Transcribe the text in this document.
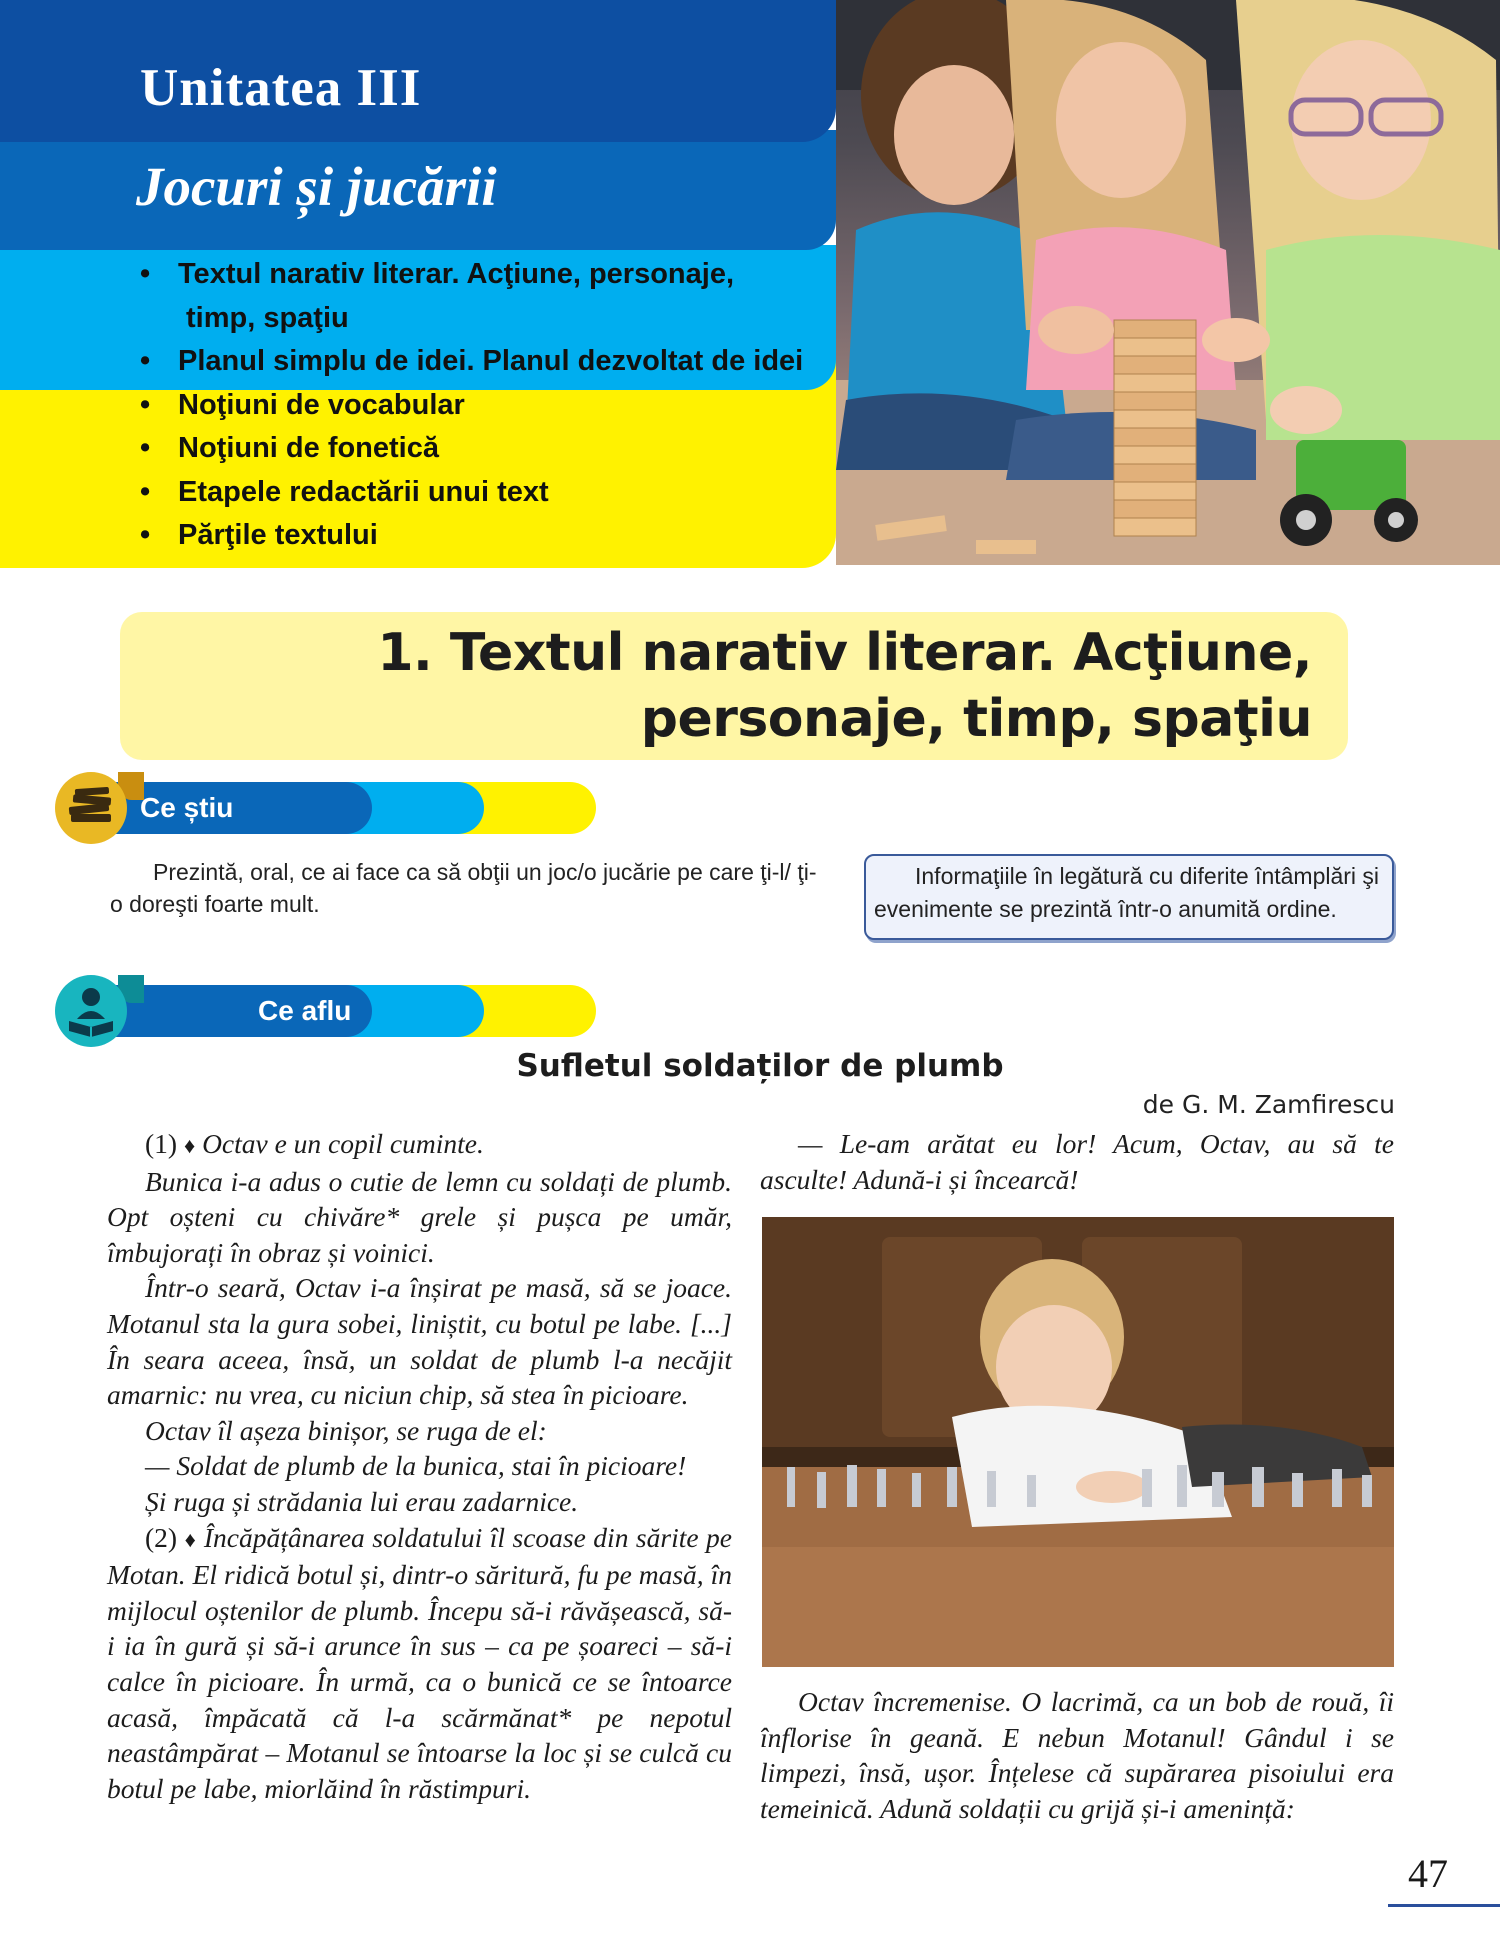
Unitatea III
Jocuri și jucării
• Textul narativ literar. Acţiune, personaje,
timp, spaţiu
• Planul simplu de idei. Planul dezvoltat de idei
• Noţiuni de vocabular
• Noţiuni de fonetică
• Etapele redactării unui text
• Părţile textului
1. Textul narativ literar. Acţiune,
personaje, timp, spaţiu
Ce știu
Prezintă, oral, ce ai face ca să obţii un joc/o jucărie pe care ţi-l/ ţi-o doreşti foarte mult.
Informaţiile în legătură cu diferite întâmplări şi evenimente se prezintă într-o anumită ordine.
Ce aflu
Sufletul soldaților de plumb
de G. M. Zamfirescu

(1) ♦ Octav e un copil cuminte.

Bunica i-a adus o cutie de lemn cu soldați de plumb. Opt oșteni cu chivăre* grele și pușca pe umăr, îmbujorați în obraz și voinici.

Într-o seară, Octav i-a înșirat pe masă, să se joace. Motanul sta la gura sobei, liniștit, cu botul pe labe. [...] În seara aceea, însă, un soldat de plumb l-a necăjit amarnic: nu vrea, cu niciun chip, să stea în picioare.

Octav îl așeza binișor, se ruga de el:

— Soldat de plumb de la bunica, stai în picioare!

Și ruga și strădania lui erau zadarnice.

(2) ♦ Încăpățânarea soldatului îl scoase din sărite pe Motan. El ridică botul și, dintr-o săritură, fu pe masă, în mijlocul oștenilor de plumb. Începu să-i răvășească, să-i ia în gură și să-i arunce în sus – ca pe șoareci – să-i calce în picioare. În urmă, ca o bunică ce se întoarce acasă, împăcată că l-a scărmănat* pe nepotul neastâmpărat – Motanul se întoarse la loc și se culcă cu botul pe labe, miorlăind în răstimpuri.

— Le-am arătat eu lor! Acum, Octav, au să te asculte! Adună-i și încearcă!

Octav încremenise. O lacrimă, ca un bob de rouă, îi înflorise în geană. E nebun Motanul! Gândul i se limpezi, însă, ușor. Înțelese că supărarea pisoiului era temeinică. Adună soldații cu grijă și-i amenință:

47
